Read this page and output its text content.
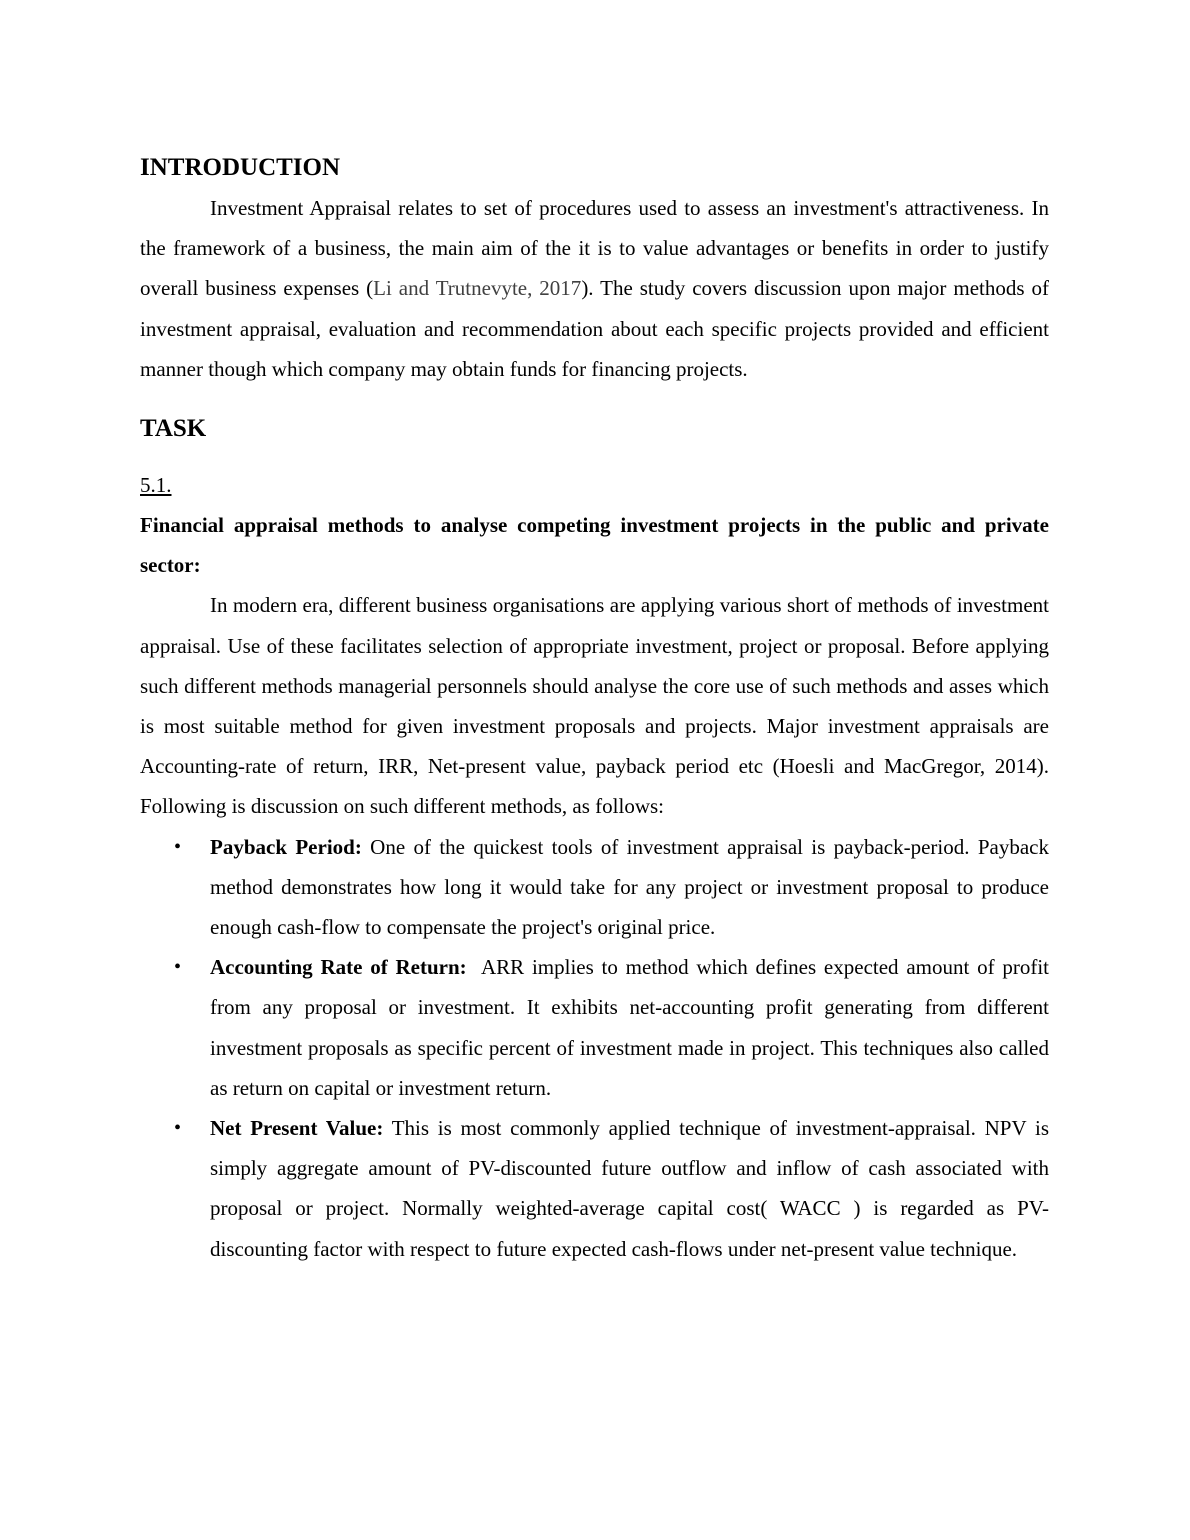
INTRODUCTION

Investment Appraisal relates to set of procedures used to assess an investment's attractiveness. In the framework of a business, the main aim of the it is to value advantages or benefits in order to justify overall business expenses (Li and Trutnevyte, 2017). The study covers discussion upon major methods of investment appraisal, evaluation and recommendation about each specific projects provided and efficient manner though which company may obtain funds for financing projects.

TASK

5.1.

Financial appraisal methods to analyse competing investment projects in the public and private sector:

In modern era, different business organisations are applying various short of methods of investment appraisal. Use of these facilitates selection of appropriate investment, project or proposal. Before applying such different methods managerial personnels should analyse the core use of such methods and asses which is most suitable method for given investment proposals and projects. Major investment appraisals are Accounting-rate of return, IRR, Net-present value, payback period etc (Hoesli and MacGregor, 2014). Following is discussion on such different methods, as follows:

• Payback Period: One of the quickest tools of investment appraisal is payback-period. Payback method demonstrates how long it would take for any project or investment proposal to produce enough cash-flow to compensate the project's original price.
• Accounting Rate of Return:  ARR implies to method which defines expected amount of profit  from any proposal or investment. It exhibits net-accounting profit generating from different investment proposals as specific percent of investment made in project. This techniques also called as return on capital or investment return.
• Net Present Value: This is most commonly applied technique of investment-appraisal. NPV is simply aggregate amount of PV-discounted future outflow and inflow of cash associated with proposal or project. Normally weighted-average capital cost( WACC ) is regarded as PV-discounting factor with respect to future expected cash-flows under net-present value technique.
